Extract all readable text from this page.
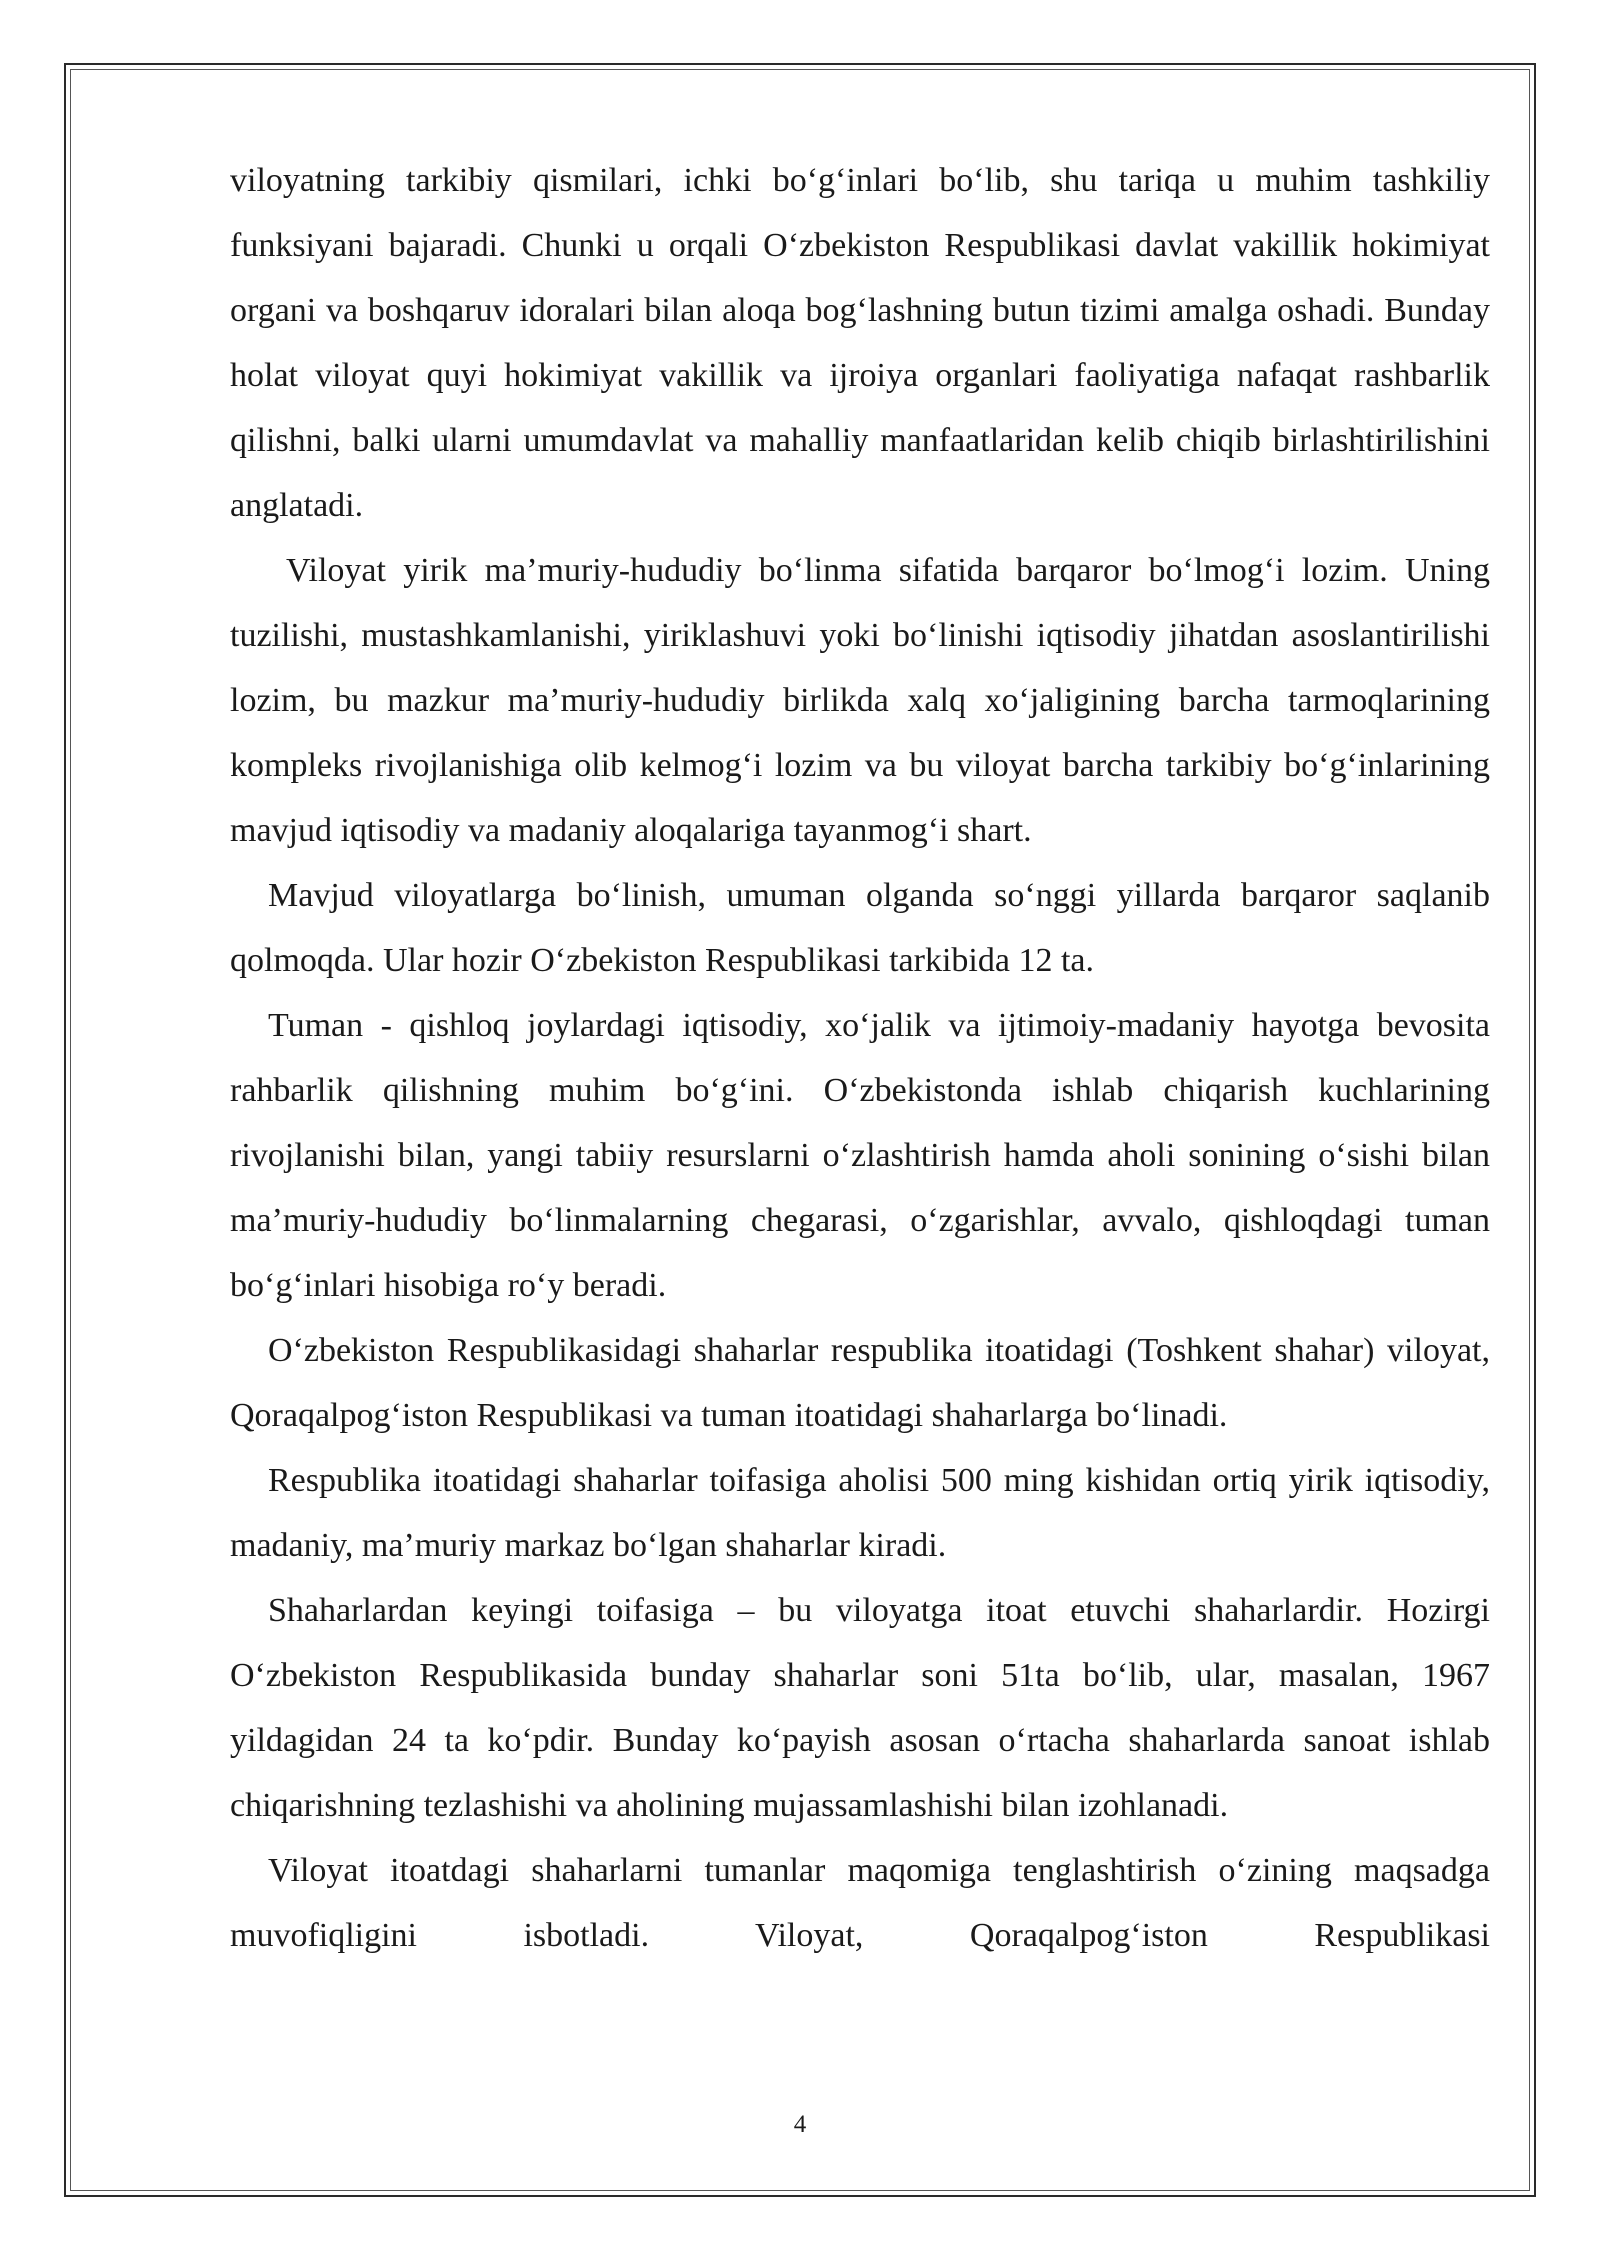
viloyatning tarkibiy qismilari, ichki bo‘g‘inlari bo‘lib, shu tariqa u muhim tashkiliy funksiyani bajaradi. Chunki u orqali O‘zbekiston Respublikasi davlat vakillik hokimiyat organi va boshqaruv idoralari bilan aloqa bog‘lashning butun tizimi amalga oshadi. Bunday holat viloyat quyi hokimiyat vakillik va ijroiya organlari faoliyatiga nafaqat rashbarlik qilishni, balki ularni umumdavlat va mahalliy manfaatlaridan kelib chiqib birlashtirilishini anglatadi.

Viloyat yirik ma’muriy-hududiy bo‘linma sifatida barqaror bo‘lmog‘i lozim. Uning tuzilishi, mustashkamlanishi, yiriklashuvi yoki bo‘linishi iqtisodiy jihatdan asoslantirilishi lozim, bu mazkur ma’muriy-hududiy birlikda xalq xo‘jaligining barcha tarmoqlarining kompleks rivojlanishiga olib kelmog‘i lozim va bu viloyat barcha tarkibiy bo‘g‘inlarining mavjud iqtisodiy va madaniy aloqalariga tayanmog‘i shart.

Mavjud viloyatlarga bo‘linish, umuman olganda so‘nggi yillarda barqaror saqlanib qolmoqda. Ular hozir O‘zbekiston Respublikasi tarkibida 12 ta.

Tuman - qishloq joylardagi iqtisodiy, xo‘jalik va ijtimoiy-madaniy hayotga bevosita rahbarlik qilishning muhim bo‘g‘ini. O‘zbekistonda ishlab chiqarish kuchlarining rivojlanishi bilan, yangi tabiiy resurslarni o‘zlashtirish hamda aholi sonining o‘sishi bilan ma’muriy-hududiy bo‘linmalarning chegarasi, o‘zgarishlar, avvalo, qishloqdagi tuman bo‘g‘inlari hisobiga ro‘y beradi.

O‘zbekiston Respublikasidagi shaharlar respublika itoatidagi (Toshkent shahar) viloyat, Qoraqalpog‘iston Respublikasi va tuman itoatidagi shaharlarga bo‘linadi.

Respublika itoatidagi shaharlar toifasiga aholisi 500 ming kishidan ortiq yirik iqtisodiy, madaniy, ma’muriy markaz bo‘lgan shaharlar kiradi.

Shaharlardan keyingi toifasiga – bu viloyatga itoat etuvchi shaharlardir. Hozirgi O‘zbekiston Respublikasida bunday shaharlar soni 51ta bo‘lib, ular, masalan, 1967 yildagidan 24 ta ko‘pdir. Bunday ko‘payish asosan o‘rtacha shaharlarda sanoat ishlab chiqarishning tezlashishi va aholining mujassamlashishi bilan izohlanadi.

Viloyat itoatdagi shaharlarni tumanlar maqomiga tenglashtirish o‘zining maqsadga muvofiqligini isbotladi. Viloyat, Qoraqalpog‘iston Respublikasi

4
